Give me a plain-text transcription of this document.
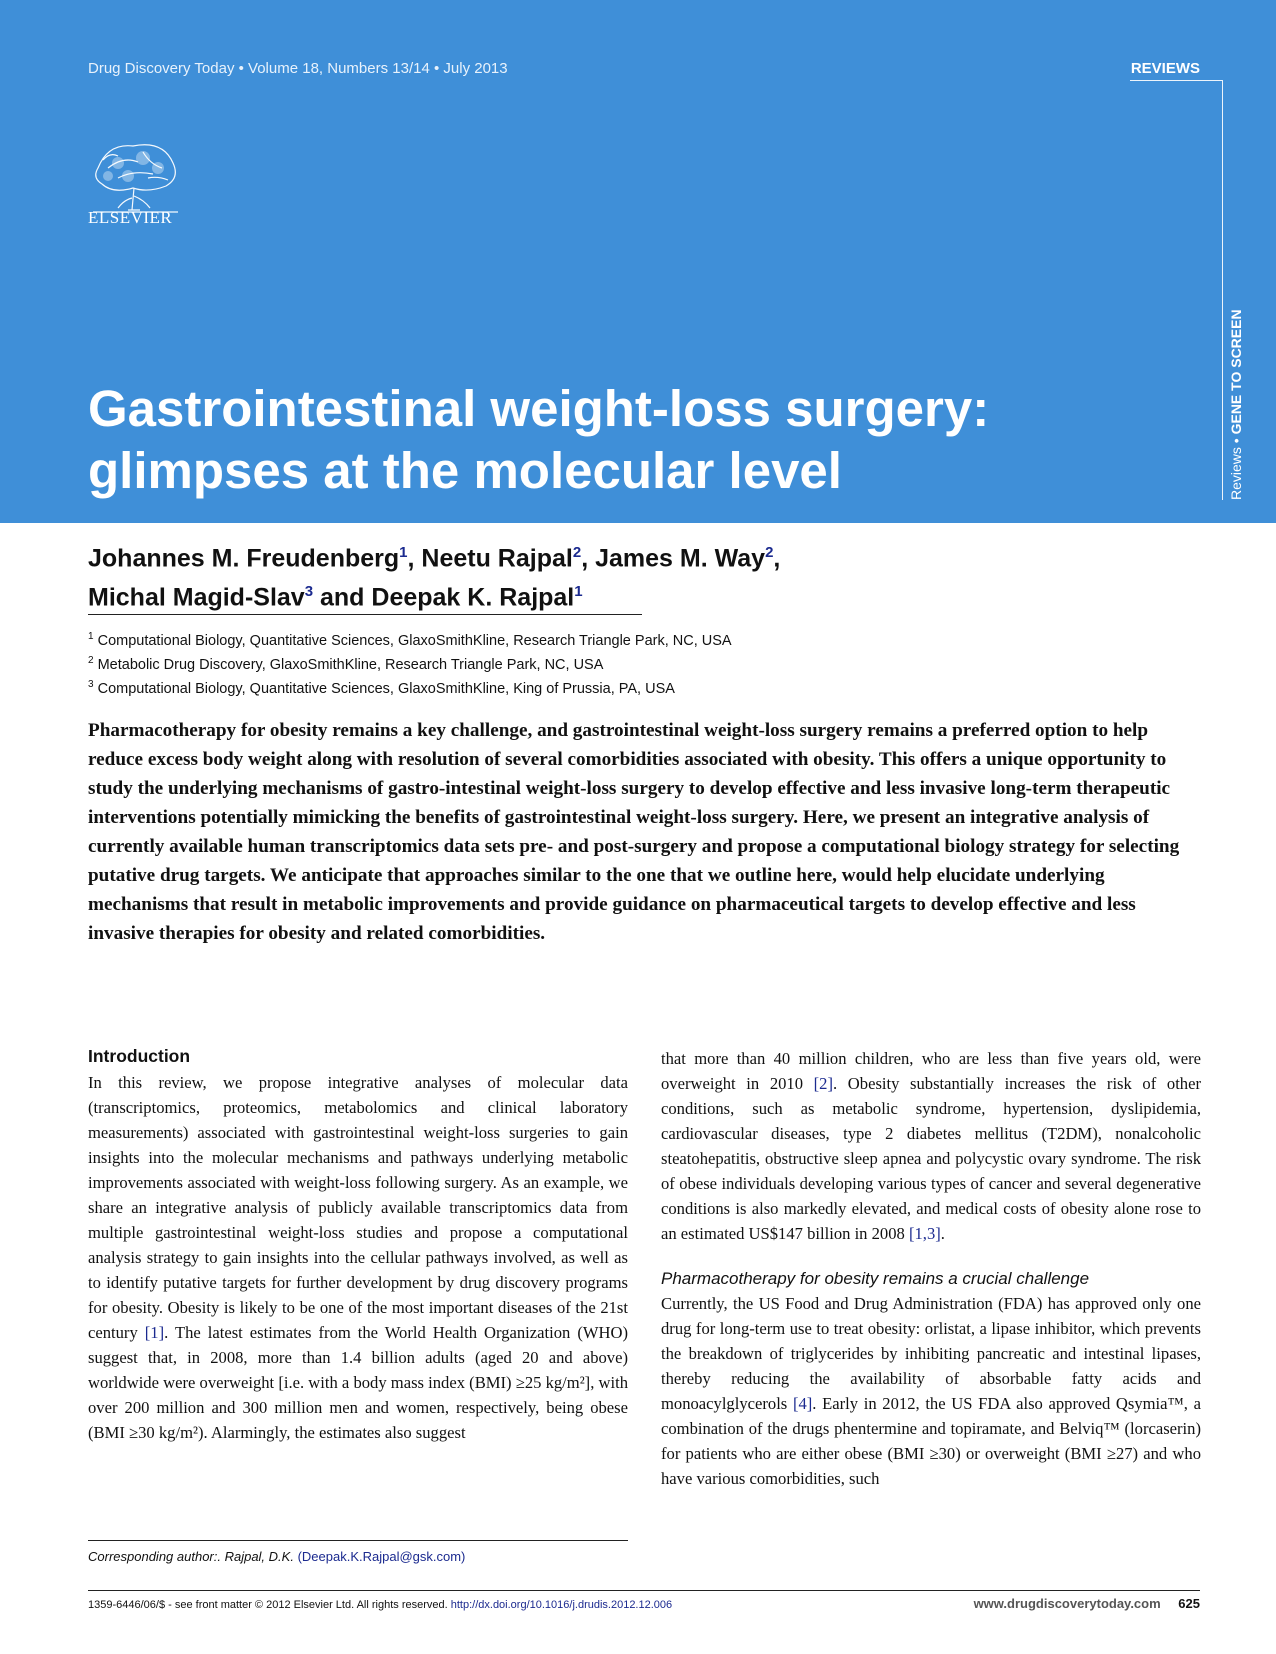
Drug Discovery Today • Volume 18, Numbers 13/14 • July 2013	REVIEWS
Reviews • GENE TO SCREEN
ELSEVIER
Gastrointestinal weight-loss surgery:
glimpses at the molecular level
Johannes M. Freudenberg$^1$, Neetu Rajpal$^2$, James M. Way$^2$,
Michal Magid-Slav$^3$ and Deepak K. Rajpal$^1$
$^1$ Computational Biology, Quantitative Sciences, GlaxoSmithKline, Research Triangle Park, NC, USA
$^2$ Metabolic Drug Discovery, GlaxoSmithKline, Research Triangle Park, NC, USA
$^3$ Computational Biology, Quantitative Sciences, GlaxoSmithKline, King of Prussia, PA, USA
Pharmacotherapy for obesity remains a key challenge, and gastrointestinal weight-loss surgery remains a preferred option to help reduce excess body weight along with resolution of several comorbidities associated with obesity. This offers a unique opportunity to study the underlying mechanisms of gastro-intestinal weight-loss surgery to develop effective and less invasive long-term therapeutic interventions potentially mimicking the benefits of gastrointestinal weight-loss surgery. Here, we present an integrative analysis of currently available human transcriptomics data sets pre- and post-surgery and propose a computational biology strategy for selecting putative drug targets. We anticipate that approaches similar to the one that we outline here, would help elucidate underlying mechanisms that result in metabolic improvements and provide guidance on pharmaceutical targets to develop effective and less invasive therapies for obesity and related comorbidities.
Introduction

In this review, we propose integrative analyses of molecular data (transcriptomics, proteomics, metabolomics and clinical laboratory measurements) associated with gastrointestinal weight-loss surgeries to gain insights into the molecular mechanisms and pathways underlying metabolic improvements associated with weight-loss following surgery. As an example, we share an integrative analysis of publicly available transcriptomics data from multiple gastrointestinal weight-loss studies and propose a computational analysis strategy to gain insights into the cellular pathways involved, as well as to identify putative targets for further development by drug discovery programs for obesity. Obesity is likely to be one of the most important diseases of the 21st century [1]. The latest estimates from the World Health Organization (WHO) suggest that, in 2008, more than 1.4 billion adults (aged 20 and above) worldwide were overweight [i.e. with a body mass index (BMI) ≥25 kg/m²], with over 200 million and 300 million men and women, respectively, being obese (BMI ≥30 kg/m²). Alarmingly, the estimates also suggest

that more than 40 million children, who are less than five years old, were overweight in 2010 [2]. Obesity substantially increases the risk of other conditions, such as metabolic syndrome, hypertension, dyslipidemia, cardiovascular diseases, type 2 diabetes mellitus (T2DM), nonalcoholic steatohepatitis, obstructive sleep apnea and polycystic ovary syndrome. The risk of obese individuals developing various types of cancer and several degenerative conditions is also markedly elevated, and medical costs of obesity alone rose to an estimated US$147 billion in 2008 [1,3].

Pharmacotherapy for obesity remains a crucial challenge

Currently, the US Food and Drug Administration (FDA) has approved only one drug for long-term use to treat obesity: orlistat, a lipase inhibitor, which prevents the breakdown of triglycerides by inhibiting pancreatic and intestinal lipases, thereby reducing the availability of absorbable fatty acids and monoacylglycerols [4]. Early in 2012, the US FDA also approved Qsymia™, a combination of the drugs phentermine and topiramate, and Belviq™ (lorcaserin) for patients who are either obese (BMI ≥30) or overweight (BMI ≥27) and who have various comorbidities, such

Corresponding author:. Rajpal, D.K. (Deepak.K.Rajpal@gsk.com)
1359-6446/06/$ - see front matter © 2012 Elsevier Ltd. All rights reserved. http://dx.doi.org/10.1016/j.drudis.2012.12.006	www.drugdiscoverytoday.com 625
